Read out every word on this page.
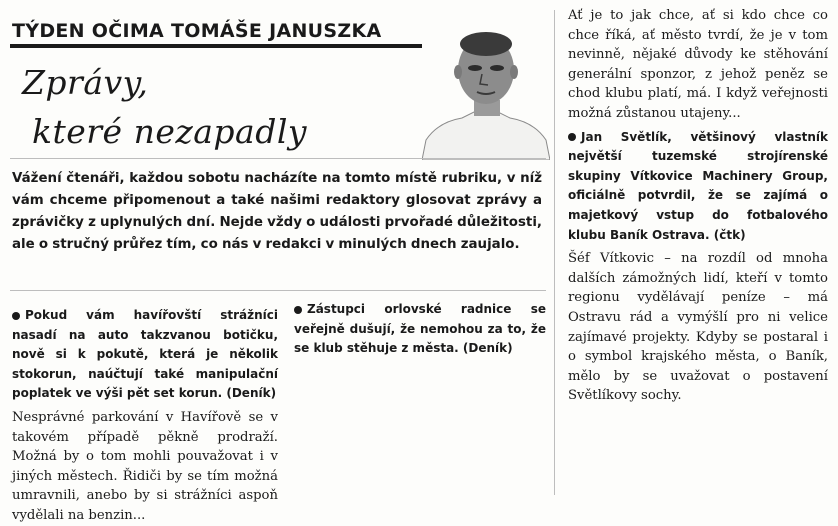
TÝDEN OČIMA TOMÁŠE JANUSZKA
Zprávy,
které nezapadly
Vážení čtenáři, každou sobotu nacházíte na tomto místě rubriku, v níž vám chceme připomenout a také našimi redaktory glosovat zprávy a zprávičky z uplynulých dní. Nejde vždy o události prvořadé důležitosti, ale o stručný průřez tím, co nás v redakci v minulých dnech zaujalo.

Pokud vám havířovští strážníci nasadí na auto takzvanou botičku, nově si k pokutě, která je několik stokorun, naúčtují také manipulační poplatek ve výši pět set korun. (Deník)

Nesprávné parkování v Havířově se v takovém případě pěkně prodraží. Možná by o tom mohli pouvažovat i v jiných městech. Řidiči by se tím možná umravnili, anebo by si strážníci aspoň vydělali na benzin...

Zástupci orlovské radnice se veřejně dušují, že nemohou za to, že se klub stěhuje z města. (Deník)

Ať je to jak chce, ať si kdo chce co chce říká, ať město tvrdí, že je v tom nevinně, nějaké důvody ke stěhování generální sponzor, z jehož peněz se chod klubu platí, má. I když veřejnosti možná zůstanou utajeny...

Jan Světlík, většinový vlastník největší tuzemské strojírenské skupiny Vítkovice Machinery Group, oficiálně potvrdil, že se zajímá o majetkový vstup do fotbalového klubu Baník Ostrava. (čtk)

Šéf Vítkovic – na rozdíl od mnoha dalších zámožných lidí, kteří v tomto regionu vydělávají peníze – má Ostravu rád a vymýšlí pro ni velice zajímavé projekty. Kdyby se postaral i o symbol krajského města, o Baník, mělo by se uvažovat o postavení Světlíkovy sochy.
